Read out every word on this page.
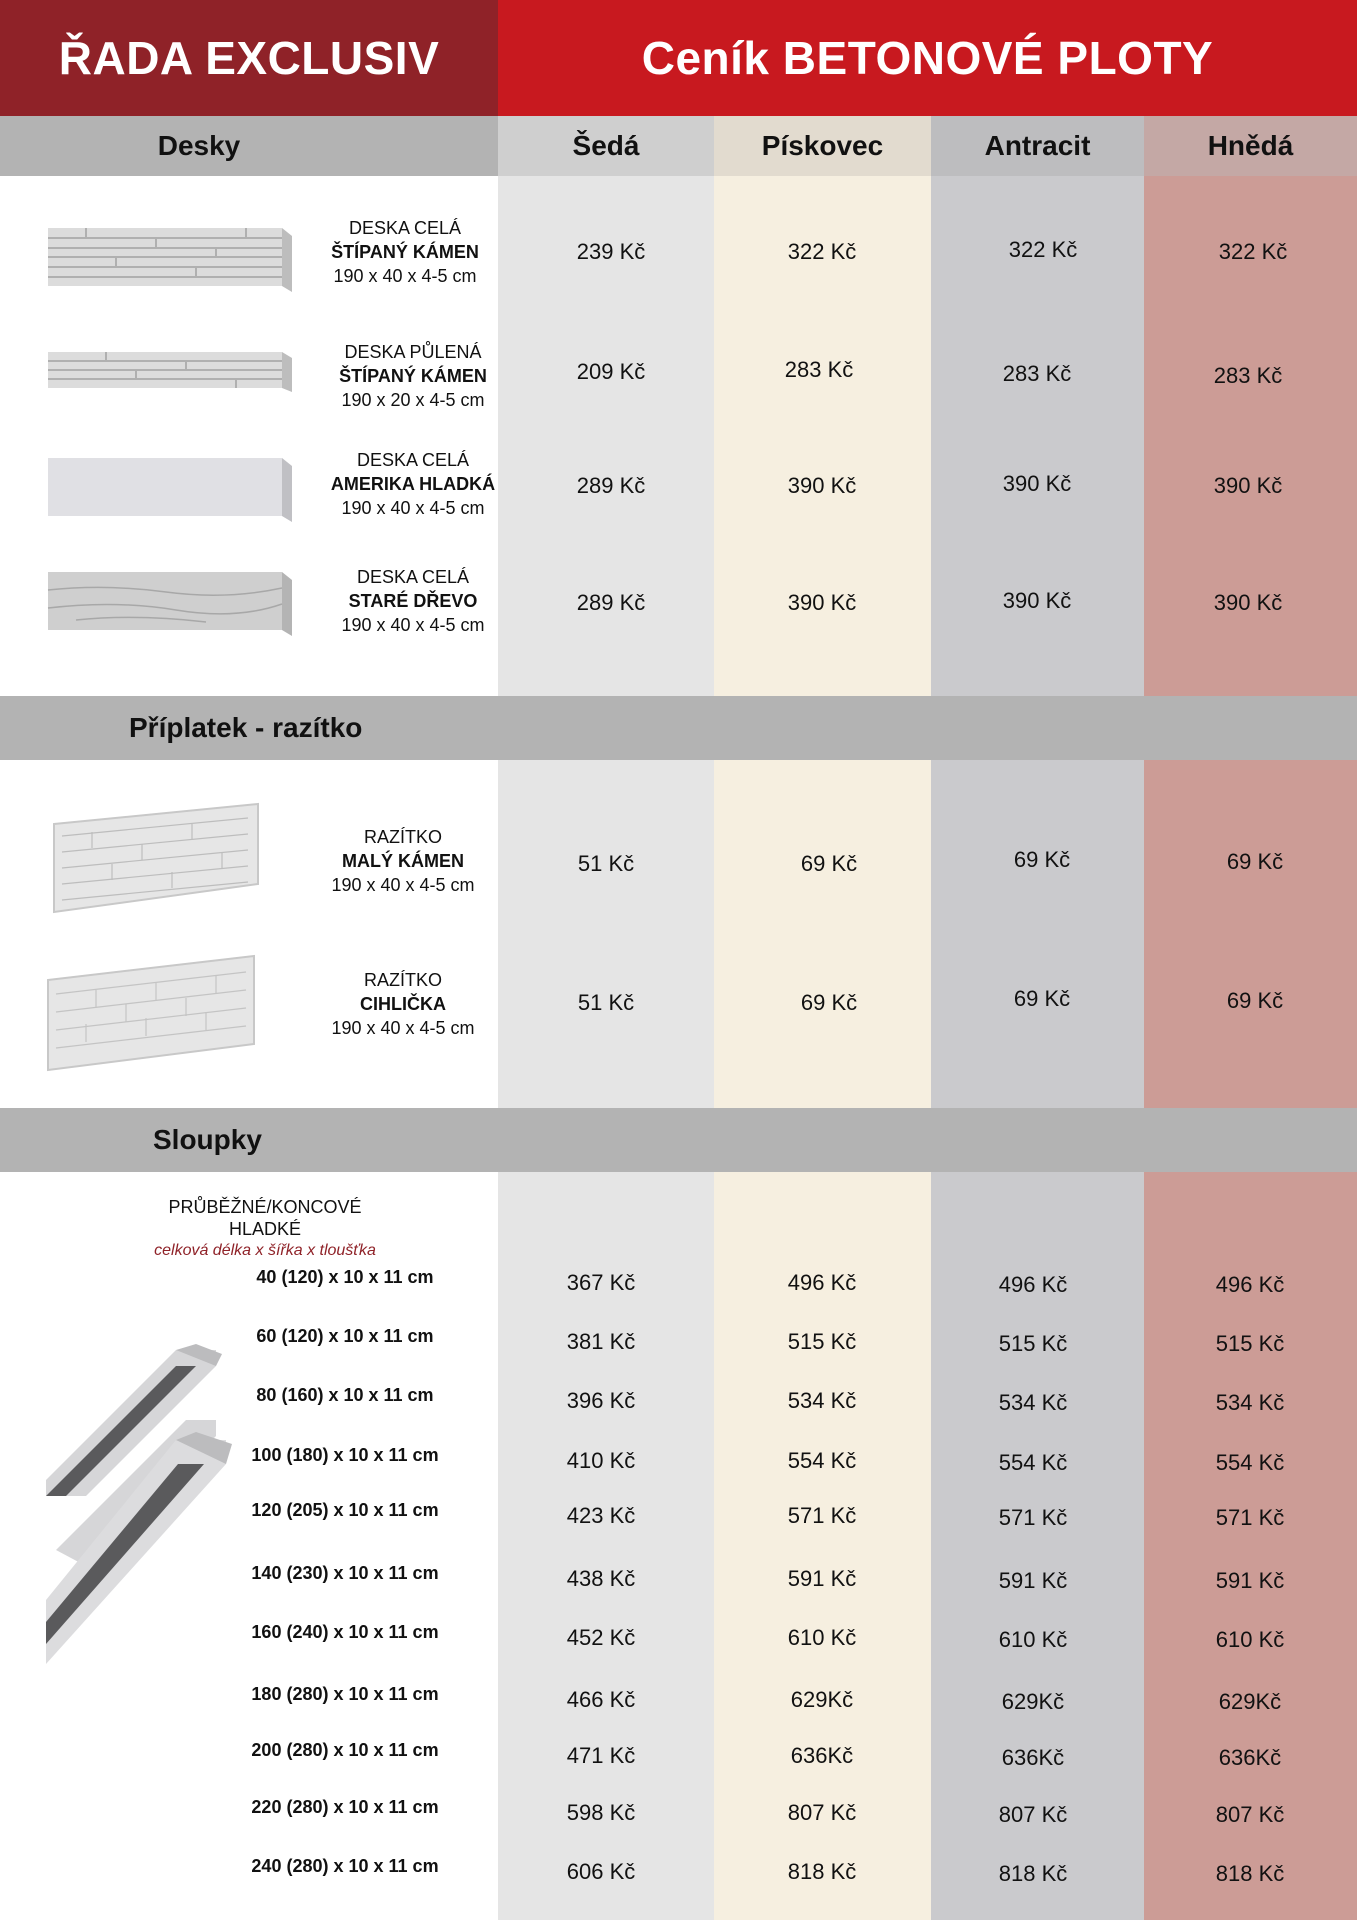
ŘADA EXCLUSIV	Ceník BETONOVÉ PLOTY
Desky	Šedá	Pískovec	Antracit	Hnědá
DESKA CELÁ
ŠTÍPANÝ KÁMEN
190 x 40 x 4-5 cm
239 Kč	322 Kč	322 Kč	322 Kč
DESKA PŮLENÁ
ŠTÍPANÝ KÁMEN
190 x 20 x 4-5 cm
209 Kč	283 Kč	283 Kč	283 Kč
DESKA CELÁ
AMERIKA HLADKÁ
190 x 40 x 4-5 cm
289 Kč	390 Kč	390 Kč	390 Kč
DESKA CELÁ
STARÉ DŘEVO
190 x 40 x 4-5 cm
289 Kč	390 Kč	390 Kč	390 Kč
Příplatek - razítko
RAZÍTKO
MALÝ KÁMEN
190 x 40 x 4-5 cm
51 Kč	69 Kč	69 Kč	69 Kč
RAZÍTKO
CIHLIČKA
190 x 40 x 4-5 cm
51 Kč	69 Kč	69 Kč	69 Kč
Sloupky
PRŮBĚŽNÉ/KONCOVÉ HLADKÉ
celková délka x šířka x tloušťka
40 (120) x 10 x 11 cm	367 Kč	496 Kč	496 Kč	496 Kč
60 (120) x 10 x 11 cm	381 Kč	515 Kč	515 Kč	515 Kč
80 (160) x 10 x 11 cm	396 Kč	534 Kč	534 Kč	534 Kč
100 (180) x 10 x 11 cm	410 Kč	554 Kč	554 Kč	554 Kč
120 (205) x 10 x 11 cm	423 Kč	571 Kč	571 Kč	571 Kč
140 (230) x 10 x 11 cm	438 Kč	591 Kč	591 Kč	591 Kč
160 (240) x 10 x 11 cm	452 Kč	610 Kč	610 Kč	610 Kč
180 (280) x 10 x 11 cm	466 Kč	629Kč	629Kč	629Kč
200 (280) x 10 x 11 cm	471 Kč	636Kč	636Kč	636Kč
220 (280) x 10 x 11 cm	598 Kč	807 Kč	807 Kč	807 Kč
240 (280) x 10 x 11 cm	606 Kč	818 Kč	818 Kč	818 Kč
